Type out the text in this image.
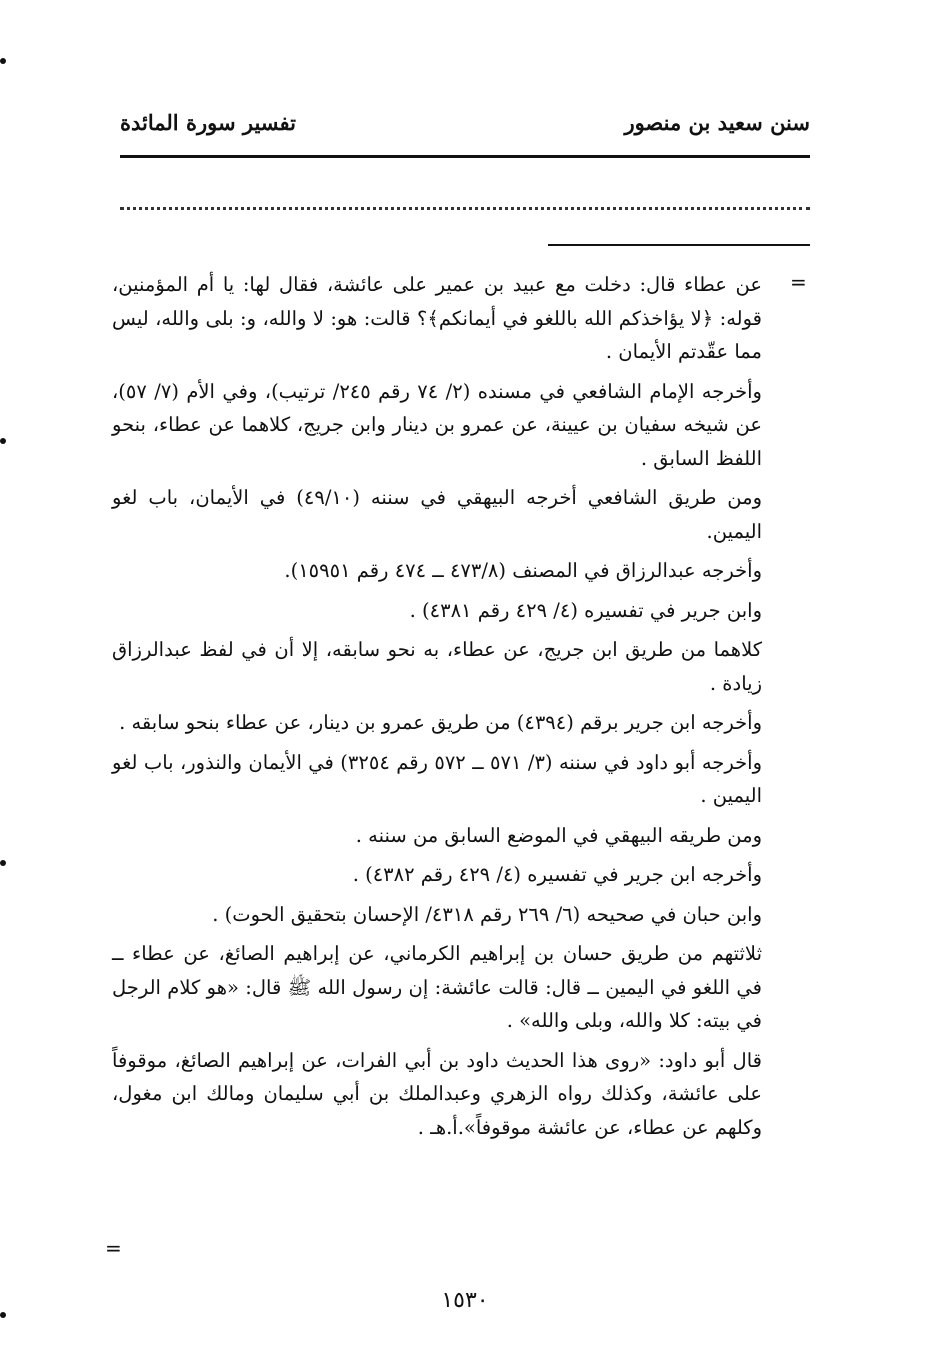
سنن سعيد بن منصور
تفسير سورة المائدة
=

عن عطاء قال: دخلت مع عبيد بن عمير على عائشة، فقال لها: يا أم المؤمنين، قوله: ﴿لا يؤاخذكم الله باللغو في أيمانكم﴾؟ قالت: هو: لا والله، و: بلى والله، ليس مما عقّدتم الأيمان .

وأخرجه الإمام الشافعي في مسنده (٢/ ٧٤ رقم ٢٤٥/ ترتيب)، وفي الأم (٧/ ٥٧)، عن شيخه سفيان بن عيينة، عن عمرو بن دينار وابن جريج، كلاهما عن عطاء، بنحو اللفظ السابق .

ومن طريق الشافعي أخرجه البيهقي في سننه (٤٩/١٠) في الأيمان، باب لغو اليمين.

وأخرجه عبدالرزاق في المصنف (٤٧٣/٨ ــ ٤٧٤ رقم ١٥٩٥١).

وابن جرير في تفسيره (٤/ ٤٢٩ رقم ٤٣٨١) .

كلاهما من طريق ابن جريج، عن عطاء، به نحو سابقه، إلا أن في لفظ عبدالرزاق زيادة .

وأخرجه ابن جرير برقم (٤٣٩٤) من طريق عمرو بن دينار، عن عطاء بنحو سابقه .

وأخرجه أبو داود في سننه (٣/ ٥٧١ ــ ٥٧٢ رقم ٣٢٥٤) في الأيمان والنذور، باب لغو اليمين .

ومن طريقه البيهقي في الموضع السابق من سننه .

وأخرجه ابن جرير في تفسيره (٤/ ٤٢٩ رقم ٤٣٨٢) .

وابن حبان في صحيحه (٦/ ٢٦٩ رقم ٤٣١٨/ الإحسان بتحقيق الحوت) .

ثلاثتهم من طريق حسان بن إبراهيم الكرماني، عن إبراهيم الصائغ، عن عطاء ــ في اللغو في اليمين ــ قال: قالت عائشة: إن رسول الله ﷺ قال: «هو كلام الرجل في بيته: كلا والله، وبلى والله» .

قال أبو داود: «روى هذا الحديث داود بن أبي الفرات، عن إبراهيم الصائغ، موقوفاً على عائشة، وكذلك رواه الزهري وعبدالملك بن أبي سليمان ومالك ابن مغول، وكلهم عن عطاء، عن عائشة موقوفاً».أ.هـ .

=
١٥٣٠
